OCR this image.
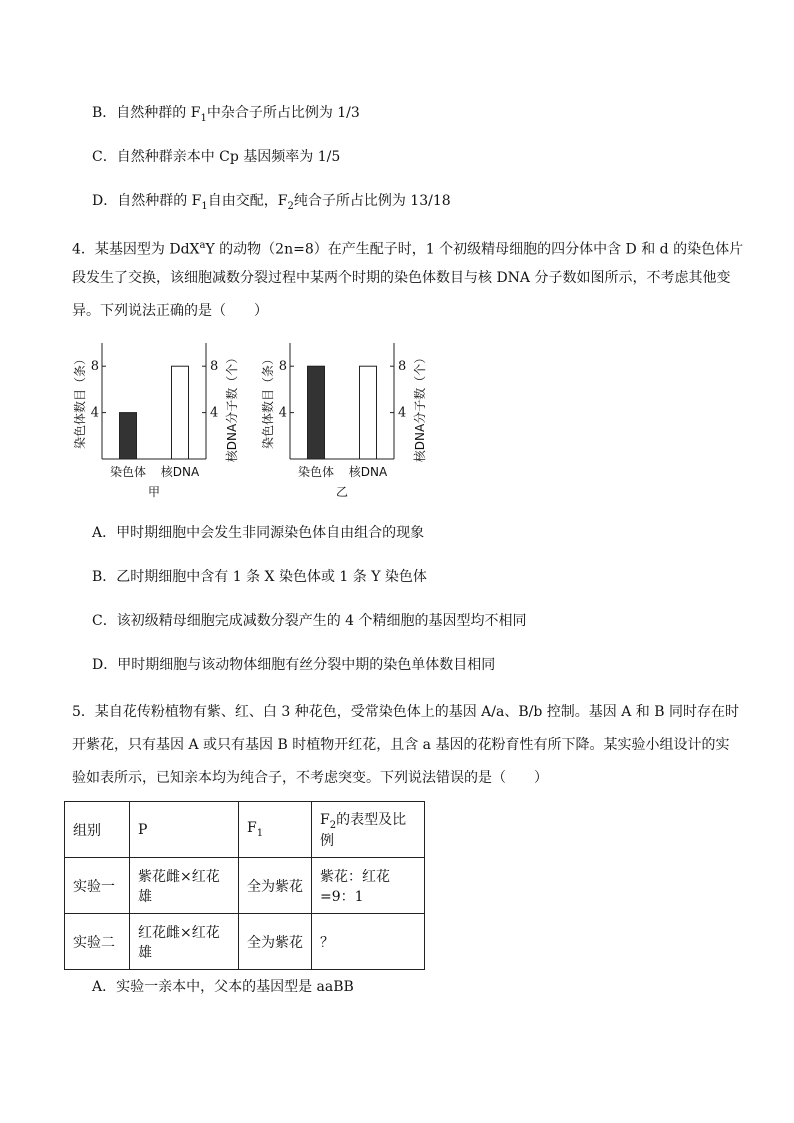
B．自然种群的 $F_1$中杂合子所占比例为 1/3
C．自然种群亲本中 Cp 基因频率为 1/5
D．自然种群的 $F_1$自由交配，$F_2$纯合子所占比例为 13/18
4．某基因型为 DdX$^a$Y 的动物（2n=8）在产生配子时，1 个初级精母细胞的四分体中含 D 和 d 的染色体片
段发生了交换，该细胞减数分裂过程中某两个时期的染色体数目与核 DNA 分子数如图所示，不考虑其他变
异。下列说法正确的是（　　）
4	4
8	8
染色体 核DNA
甲
染色体数目（条）	核DNA分子数（个）	4	4
8	8
染色体 核DNA
乙
染色体数目（条）	核DNA分子数（个）
A．甲时期细胞中会发生非同源染色体自由组合的现象
B．乙时期细胞中含有 1 条 X 染色体或 1 条 Y 染色体
C．该初级精母细胞完成减数分裂产生的 4 个精细胞的基因型均不相同
D．甲时期细胞与该动物体细胞有丝分裂中期的染色单体数目相同
5．某自花传粉植物有紫、红、白 3 种花色，受常染色体上的基因 A/a、B/b 控制。基因 A 和 B 同时存在时
开紫花，只有基因 A 或只有基因 B 时植物开红花，且含 a 基因的花粉育性有所下降。某实验小组设计的实
验如表所示，已知亲本均为纯合子，不考虑突变。下列说法错误的是（　　）
组别	P	$F_1$	$F_2$的表型及比例
实验一	紫花雌×红花雄	全为紫花	紫花：红花=9：1
实验二	红花雌×红花雄	全为紫花	？
A．实验一亲本中，父本的基因型是 aaBB
